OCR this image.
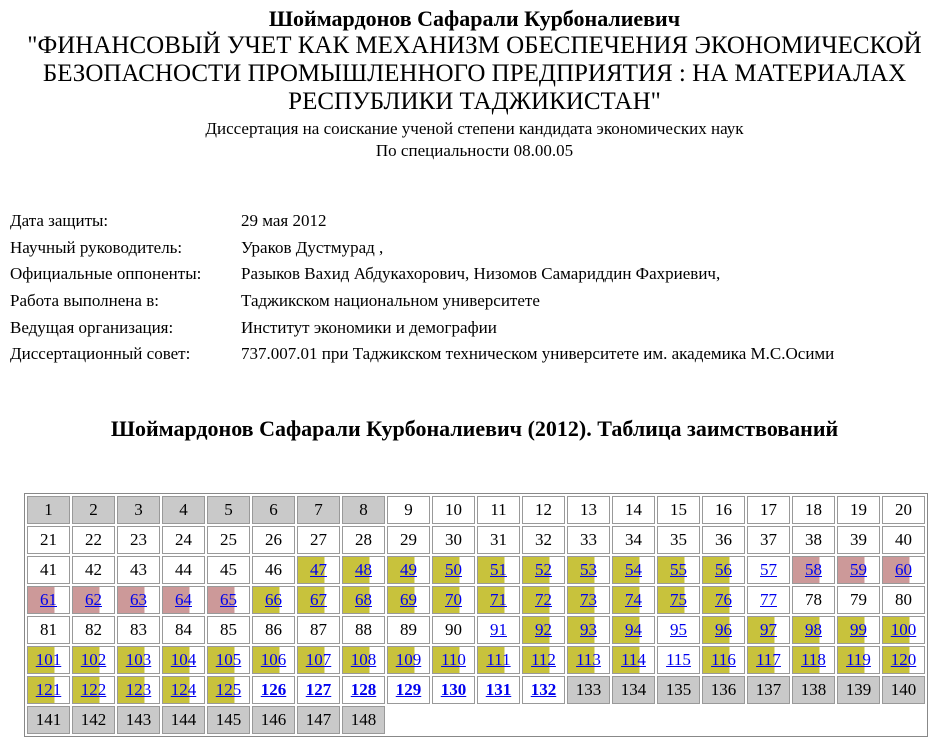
Шоймардонов Сафарали Курбоналиевич
"ФИНАНСОВЫЙ УЧЕТ КАК МЕХАНИЗМ ОБЕСПЕЧЕНИЯ ЭКОНОМИЧЕСКОЙ
БЕЗОПАСНОСТИ ПРОМЫШЛЕННОГО ПРЕДПРИЯТИЯ : НА МАТЕРИАЛАХ
РЕСПУБЛИКИ ТАДЖИКИСТАН"
Диссертация на соискание ученой степени кандидата экономических наук
По специальности 08.00.05
Дата защиты:	29 мая 2012
Научный руководитель:	Ураков Дустмурад ,
Официальные оппоненты:	Разыков Вахид Абдукахорович, Низомов Самариддин Фахриевич,
Работа выполнена в:	Таджикском национальном университете
Ведущая организация:	Институт экономики и демографии
Диссертационный совет:	737.007.01 при Таджикском техническом университете им. академика М.С.Осими
Шоймардонов Сафарали Курбоналиевич (2012). Таблица заимствований
1	2	3	4	5	6	7	8	9	10	11	12	13	14	15	16	17	18	19	20
21	22	23	24	25	26	27	28	29	30	31	32	33	34	35	36	37	38	39	40
41	42	43	44	45	46	47	48	49	50	51	52	53	54	55	56	57	58	59	60
61	62	63	64	65	66	67	68	69	70	71	72	73	74	75	76	77	78	79	80
81	82	83	84	85	86	87	88	89	90	91	92	93	94	95	96	97	98	99	100
101	102	103	104	105	106	107	108	109	110	111	112	113	114	115	116	117	118	119	120
121	122	123	124	125	126	127	128	129	130	131	132	133	134	135	136	137	138	139	140
141	142	143	144	145	146	147	148												
